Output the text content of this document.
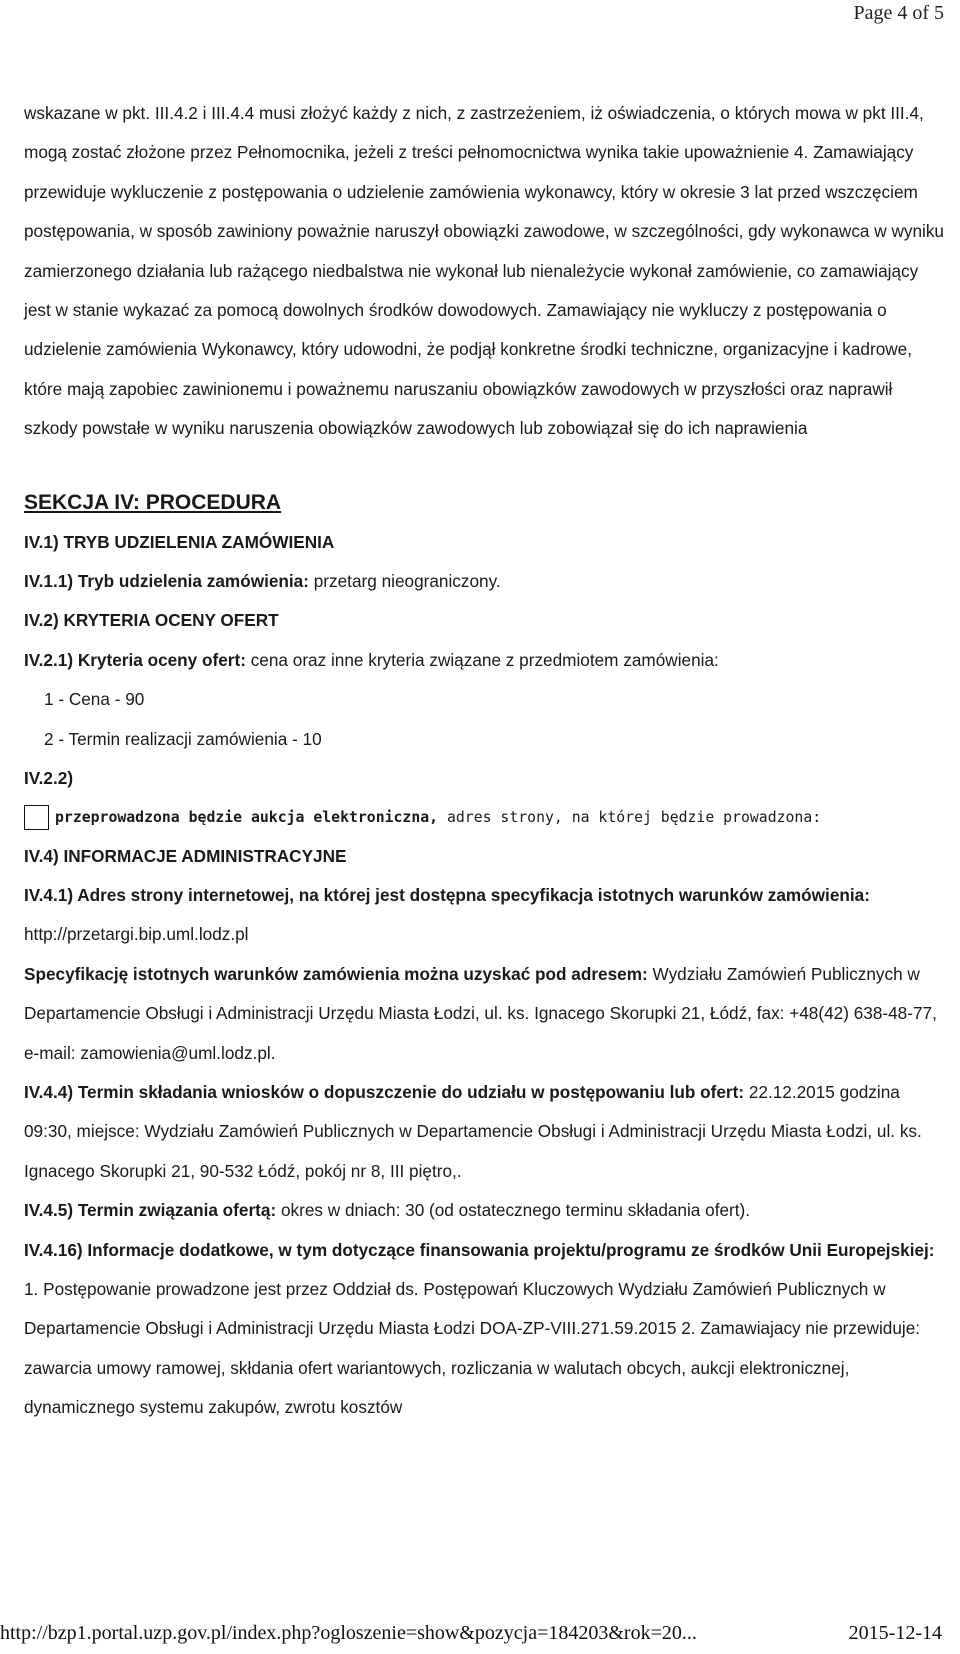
Page 4 of 5

wskazane w pkt. III.4.2 i III.4.4 musi złożyć każdy z nich, z zastrzeżeniem, iż oświadczenia, o których mowa w pkt III.4, mogą zostać złożone przez Pełnomocnika, jeżeli z treści pełnomocnictwa wynika takie upoważnienie 4. Zamawiający przewiduje wykluczenie z postępowania o udzielenie zamówienia wykonawcy, który w okresie 3 lat przed wszczęciem postępowania, w sposób zawiniony poważnie naruszył obowiązki zawodowe, w szczególności, gdy wykonawca w wyniku zamierzonego działania lub rażącego niedbalstwa nie wykonał lub nienależycie wykonał zamówienie, co zamawiający jest w stanie wykazać za pomocą dowolnych środków dowodowych. Zamawiający nie wykluczy z postępowania o udzielenie zamówienia Wykonawcy, który udowodni, że podjął konkretne środki techniczne, organizacyjne i kadrowe, które mają zapobiec zawinionemu i poważnemu naruszaniu obowiązków zawodowych w przyszłości oraz naprawił szkody powstałe w wyniku naruszenia obowiązków zawodowych lub zobowiązał się do ich naprawienia

SEKCJA IV: PROCEDURA

IV.1) TRYB UDZIELENIA ZAMÓWIENIA

IV.1.1) Tryb udzielenia zamówienia: przetarg nieograniczony.

IV.2) KRYTERIA OCENY OFERT

IV.2.1) Kryteria oceny ofert: cena oraz inne kryteria związane z przedmiotem zamówienia:

1 - Cena - 90

2 - Termin realizacji zamówienia - 10

IV.2.2)

przeprowadzona będzie aukcja elektroniczna, adres strony, na której będzie prowadzona:

IV.4) INFORMACJE ADMINISTRACYJNE

IV.4.1) Adres strony internetowej, na której jest dostępna specyfikacja istotnych warunków zamówienia: http://przetargi.bip.uml.lodz.pl

Specyfikację istotnych warunków zamówienia można uzyskać pod adresem: Wydziału Zamówień Publicznych w Departamencie Obsługi i Administracji Urzędu Miasta Łodzi, ul. ks. Ignacego Skorupki 21, Łódź, fax: +48(42) 638-48-77, e-mail: zamowienia@uml.lodz.pl.

IV.4.4) Termin składania wniosków o dopuszczenie do udziału w postępowaniu lub ofert: 22.12.2015 godzina 09:30, miejsce: Wydziału Zamówień Publicznych w Departamencie Obsługi i Administracji Urzędu Miasta Łodzi, ul. ks. Ignacego Skorupki 21, 90-532 Łódź, pokój nr 8, III piętro,.

IV.4.5) Termin związania ofertą: okres w dniach: 30 (od ostatecznego terminu składania ofert).

IV.4.16) Informacje dodatkowe, w tym dotyczące finansowania projektu/programu ze środków Unii Europejskiej: 1. Postępowanie prowadzone jest przez Oddział ds. Postępowań Kluczowych Wydziału Zamówień Publicznych w Departamencie Obsługi i Administracji Urzędu Miasta Łodzi DOA-ZP-VIII.271.59.2015 2. Zamawiajacy nie przewiduje: zawarcia umowy ramowej, skłdania ofert wariantowych, rozliczania w walutach obcych, aukcji elektronicznej, dynamicznego systemu zakupów, zwrotu kosztów

http://bzp1.portal.uzp.gov.pl/index.php?ogloszenie=show&pozycja=184203&rok=20...	2015-12-14
